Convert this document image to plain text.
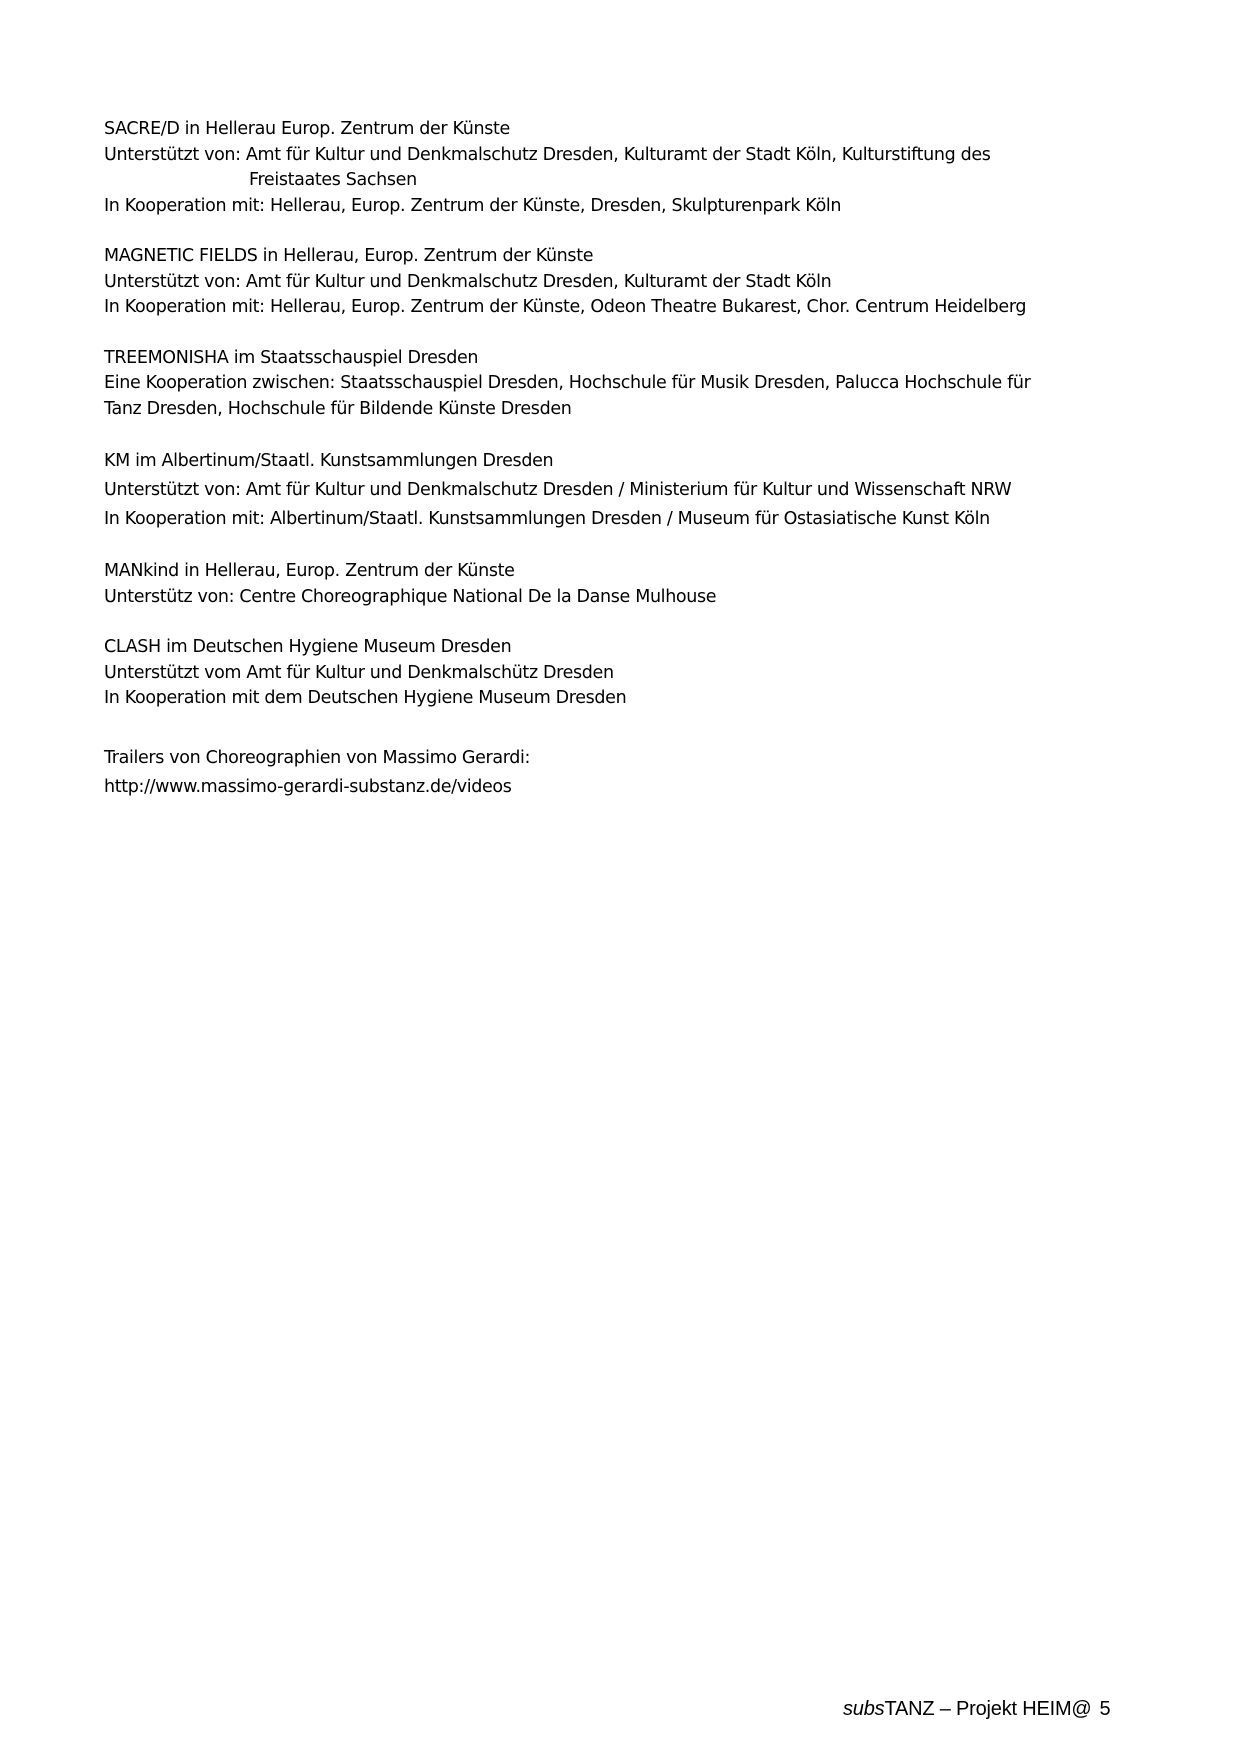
SACRE/D in Hellerau Europ. Zentrum der Künste
Unterstützt von: Amt für Kultur und Denkmalschutz Dresden, Kulturamt der Stadt Köln, Kulturstiftung des
Freistaates Sachsen
In Kooperation mit: Hellerau, Europ. Zentrum der Künste, Dresden, Skulpturenpark Köln
MAGNETIC FIELDS in Hellerau, Europ. Zentrum der Künste
Unterstützt von: Amt für Kultur und Denkmalschutz Dresden, Kulturamt der Stadt Köln
In Kooperation mit: Hellerau, Europ. Zentrum der Künste, Odeon Theatre Bukarest, Chor. Centrum Heidelberg
TREEMONISHA im Staatsschauspiel Dresden
Eine Kooperation zwischen: Staatsschauspiel Dresden, Hochschule für Musik Dresden, Palucca Hochschule für
Tanz Dresden, Hochschule für Bildende Künste Dresden
KM im Albertinum/Staatl. Kunstsammlungen Dresden
Unterstützt von: Amt für Kultur und Denkmalschutz Dresden / Ministerium für Kultur und Wissenschaft NRW
In Kooperation mit: Albertinum/Staatl. Kunstsammlungen Dresden / Museum für Ostasiatische Kunst Köln
MANkind in Hellerau, Europ. Zentrum der Künste
Unterstütz von: Centre Choreographique National De la Danse Mulhouse
CLASH im Deutschen Hygiene Museum Dresden
Unterstützt vom Amt für Kultur und Denkmalschütz Dresden
In Kooperation mit dem Deutschen Hygiene Museum Dresden
Trailers von Choreographien von Massimo Gerardi:
http://www.massimo-gerardi-substanz.de/videos
subsTANZ – Projekt HEIM@ 5
